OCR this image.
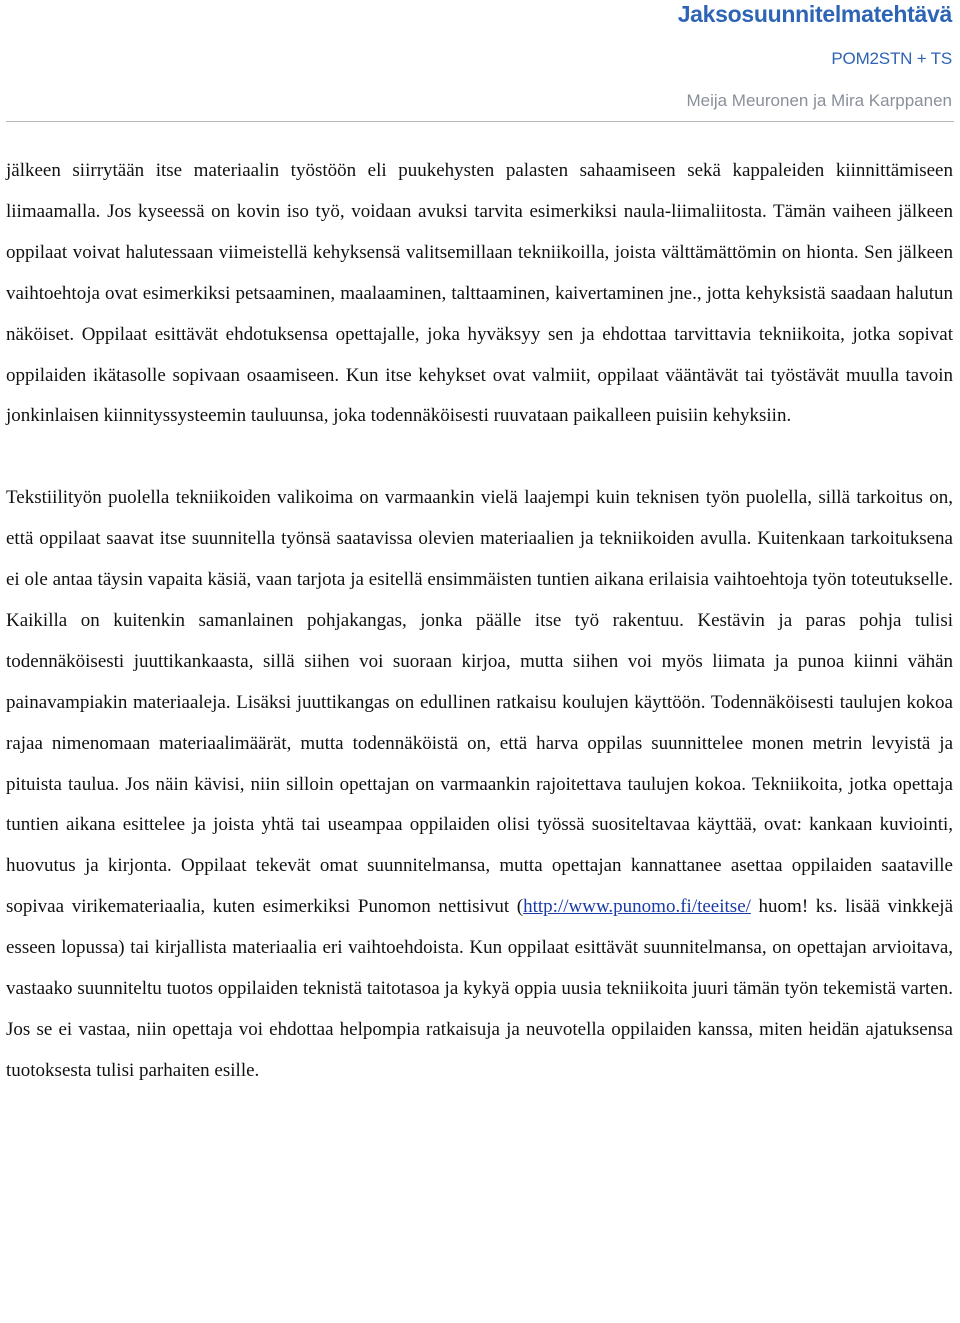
Jaksosuunnitelmatehtävä
POM2STN + TS
Meija Meuronen ja Mira Karppanen

jälkeen siirrytään itse materiaalin työstöön eli puukehysten palasten sahaamiseen sekä kappaleiden kiinnittämiseen liimaamalla. Jos kyseessä on kovin iso työ, voidaan avuksi tarvita esimerkiksi naula-liimaliitosta. Tämän vaiheen jälkeen oppilaat voivat halutessaan viimeistellä kehyksensä valitsemillaan tekniikoilla, joista välttämättömin on hionta. Sen jälkeen vaihtoehtoja ovat esimerkiksi petsaaminen, maalaaminen, talttaaminen, kaivertaminen jne., jotta kehyksistä saadaan halutun näköiset. Oppilaat esittävät ehdotuksensa opettajalle, joka hyväksyy sen ja ehdottaa tarvittavia tekniikoita, jotka sopivat oppilaiden ikätasolle sopivaan osaamiseen. Kun itse kehykset ovat valmiit, oppilaat vääntävät tai työstävät muulla tavoin jonkinlaisen kiinnityssysteemin tauluunsa, joka todennäköisesti ruuvataan paikalleen puisiin kehyksiin.

Tekstiilityön puolella tekniikoiden valikoima on varmaankin vielä laajempi kuin teknisen työn puolella, sillä tarkoitus on, että oppilaat saavat itse suunnitella työnsä saatavissa olevien materiaalien ja tekniikoiden avulla. Kuitenkaan tarkoituksena ei ole antaa täysin vapaita käsiä, vaan tarjota ja esitellä ensimmäisten tuntien aikana erilaisia vaihtoehtoja työn toteutukselle. Kaikilla on kuitenkin samanlainen pohjakangas, jonka päälle itse työ rakentuu. Kestävin ja paras pohja tulisi todennäköisesti juuttikankaasta, sillä siihen voi suoraan kirjoa, mutta siihen voi myös liimata ja punoa kiinni vähän painavampiakin materiaaleja. Lisäksi juuttikangas on edullinen ratkaisu koulujen käyttöön. Todennäköisesti taulujen kokoa rajaa nimenomaan materiaalimäärät, mutta todennäköistä on, että harva oppilas suunnittelee monen metrin levyistä ja pituista taulua. Jos näin kävisi, niin silloin opettajan on varmaankin rajoitettava taulujen kokoa. Tekniikoita, jotka opettaja tuntien aikana esittelee ja joista yhtä tai useampaa oppilaiden olisi työssä suositeltavaa käyttää, ovat: kankaan kuviointi, huovutus ja kirjonta. Oppilaat tekevät omat suunnitelmansa, mutta opettajan kannattanee asettaa oppilaiden saataville sopivaa virikemateriaalia, kuten esimerkiksi Punomon nettisivut (http://www.punomo.fi/teeitse/ huom! ks. lisää vinkkejä esseen lopussa) tai kirjallista materiaalia eri vaihtoehdoista. Kun oppilaat esittävät suunnitelmansa, on opettajan arvioitava, vastaako suunniteltu tuotos oppilaiden teknistä taitotasoa ja kykyä oppia uusia tekniikoita juuri tämän työn tekemistä varten. Jos se ei vastaa, niin opettaja voi ehdottaa helpompia ratkaisuja ja neuvotella oppilaiden kanssa, miten heidän ajatuksensa tuotoksesta tulisi parhaiten esille.
